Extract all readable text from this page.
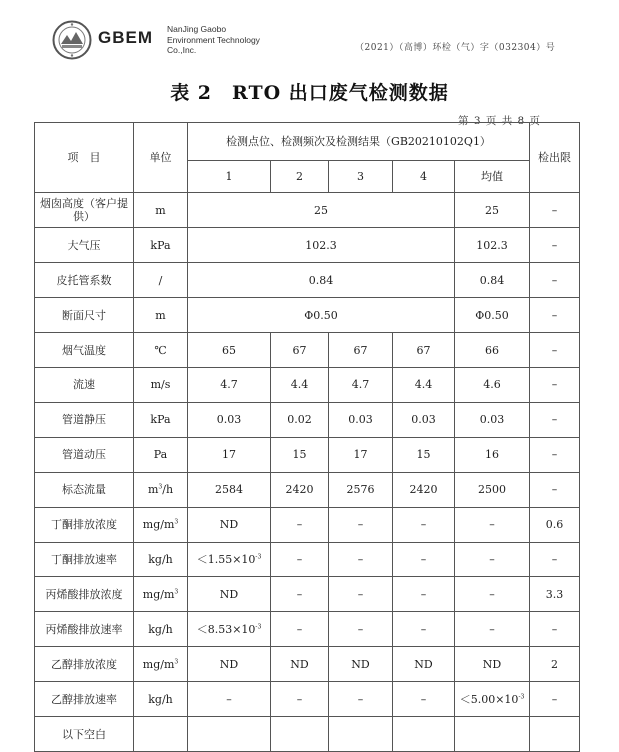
GBEM NanJing Gaobo
Environment Technology
Co.,Inc.	（2021）（高博）环检（气）字（032304）号
表 2　RTO 出口废气检测数据
第 3 页 共 8 页
项　目	单位	检测点位、检测频次及检测结果（GB20210102Q1）					检出限
		1	2	3	4	均值	
烟囱高度（客户提供）	m	25				25	–
大气压	kPa	102.3				102.3	–
皮托管系数	/	0.84				0.84	–
断面尺寸	m	Φ0.50				Φ0.50	–
烟气温度	℃	65	67	67	67	66	–
流速	m/s	4.7	4.4	4.7	4.4	4.6	–
管道静压	kPa	0.03	0.02	0.03	0.03	0.03	–
管道动压	Pa	17	15	17	15	16	–
标态流量	$m^3/h$	2584	2420	2576	2420	2500	–
丁酮排放浓度	$mg/m^3$	ND	–	–	–	–	0.6
丁酮排放速率	kg/h	$<1.55\times 10^{-3}$	–	–	–	–	–
丙烯酸排放浓度	$mg/m^3$	ND	–	–	–	–	3.3
丙烯酸排放速率	kg/h	$<8.53\times 10^{-3}$	–	–	–	–	–
乙醇排放浓度	$mg/m^3$	ND	ND	ND	ND	ND	2
乙醇排放速率	kg/h	–	–	–	–	$<5.00\times 10^{-3}$	–
以下空白							
